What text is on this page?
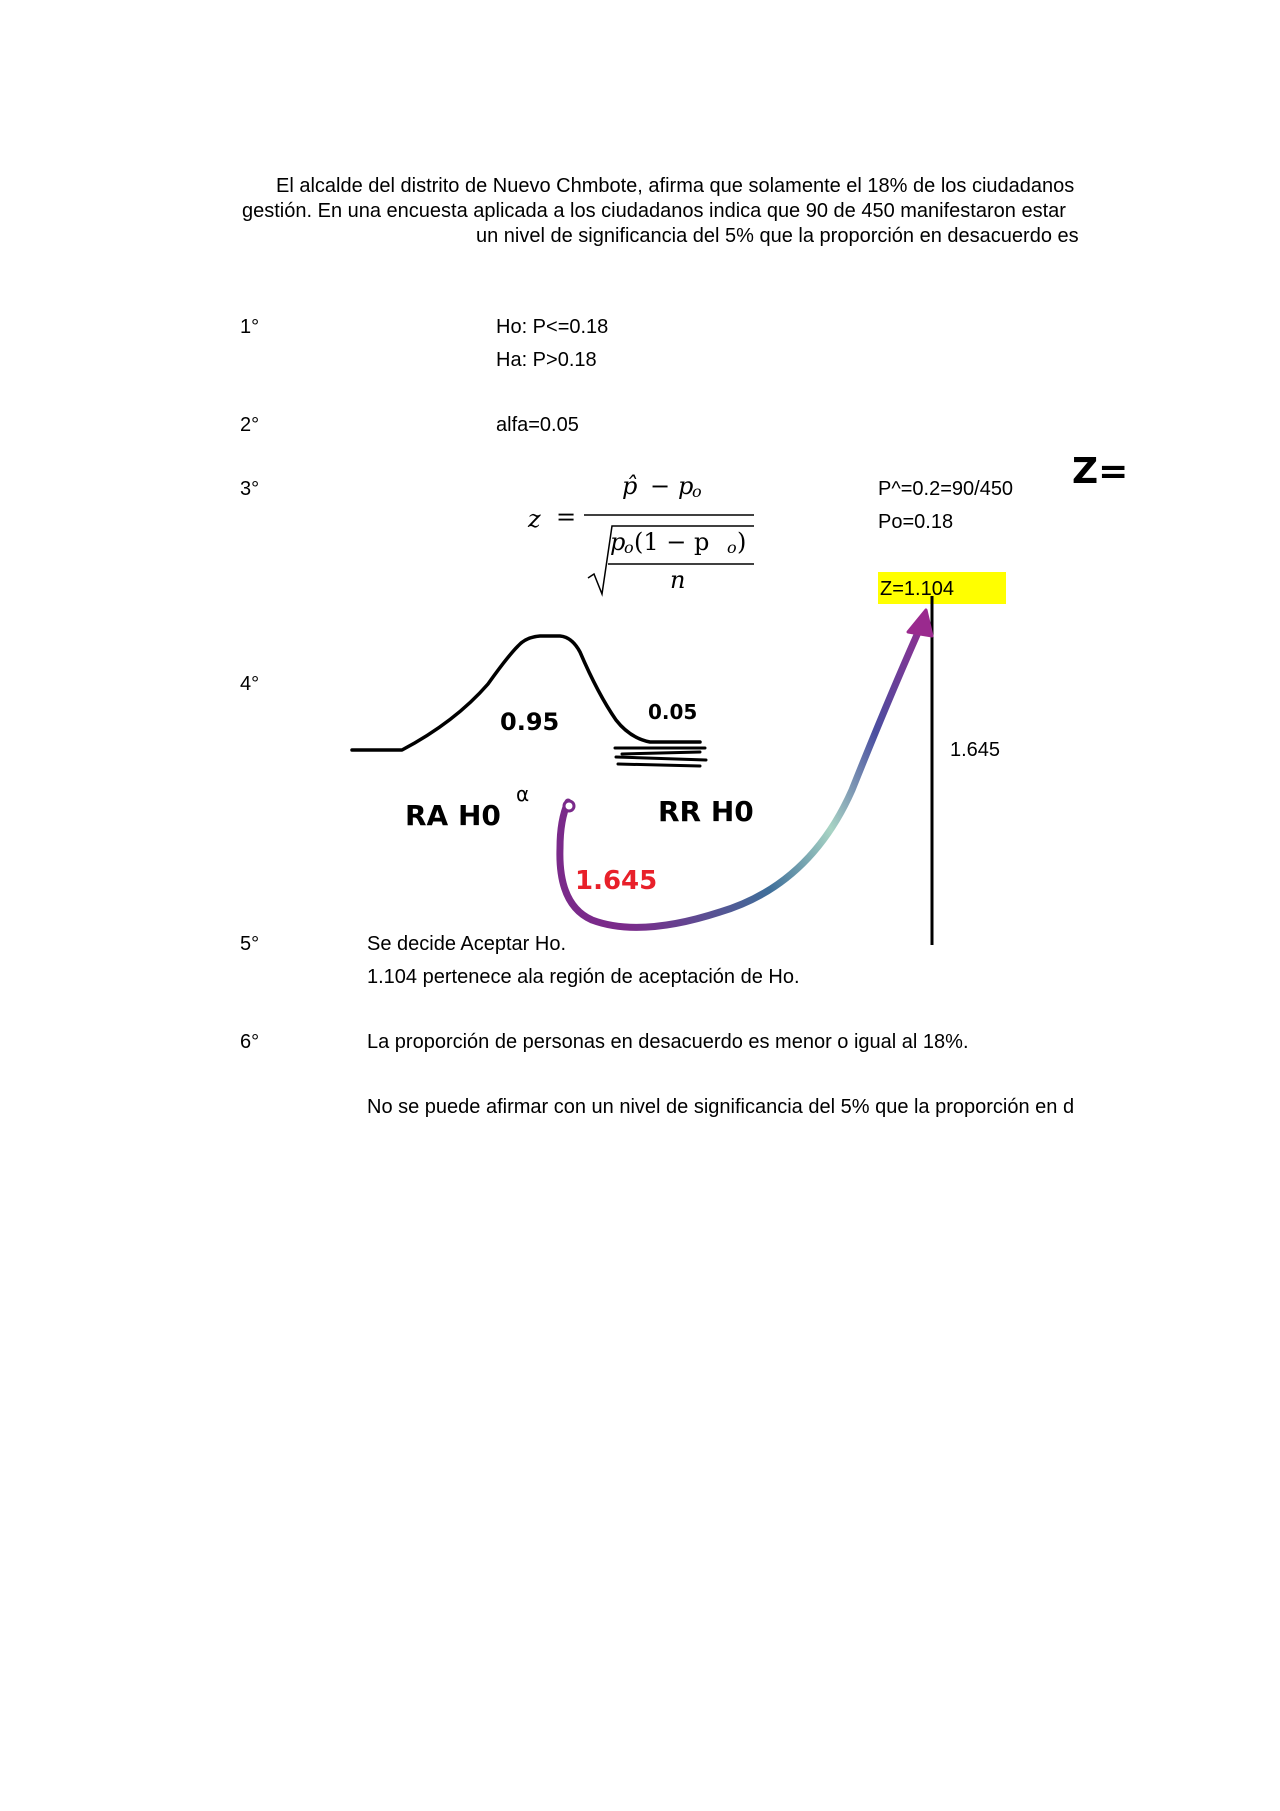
El alcalde del distrito de Nuevo Chmbote, afirma que solamente el 18% de los ciudadanos
gestión. En una encuesta aplicada a los ciudadanos indica que 90 de 450 manifestaron estar
un nivel de significancia del 5% que la proporción en desacuerdo es
1°	Ho: P<=0.18
Ha: P>0.18
2°	alfa=0.05
3°
z =
p̂ − p
o
p
o (1 − p o )
n
P^=0.2=90/450
Po=0.18
Z=1.104
Z=
4°
1.645
0.95	0.05
RA H0	RR H0
α
1.645
5°	Se decide Aceptar Ho.
1.104 pertenece ala región de aceptación de Ho.
6°	La proporción de personas en desacuerdo es menor o igual al 18%.
No se puede afirmar con un nivel de significancia del 5% que la proporción en d
